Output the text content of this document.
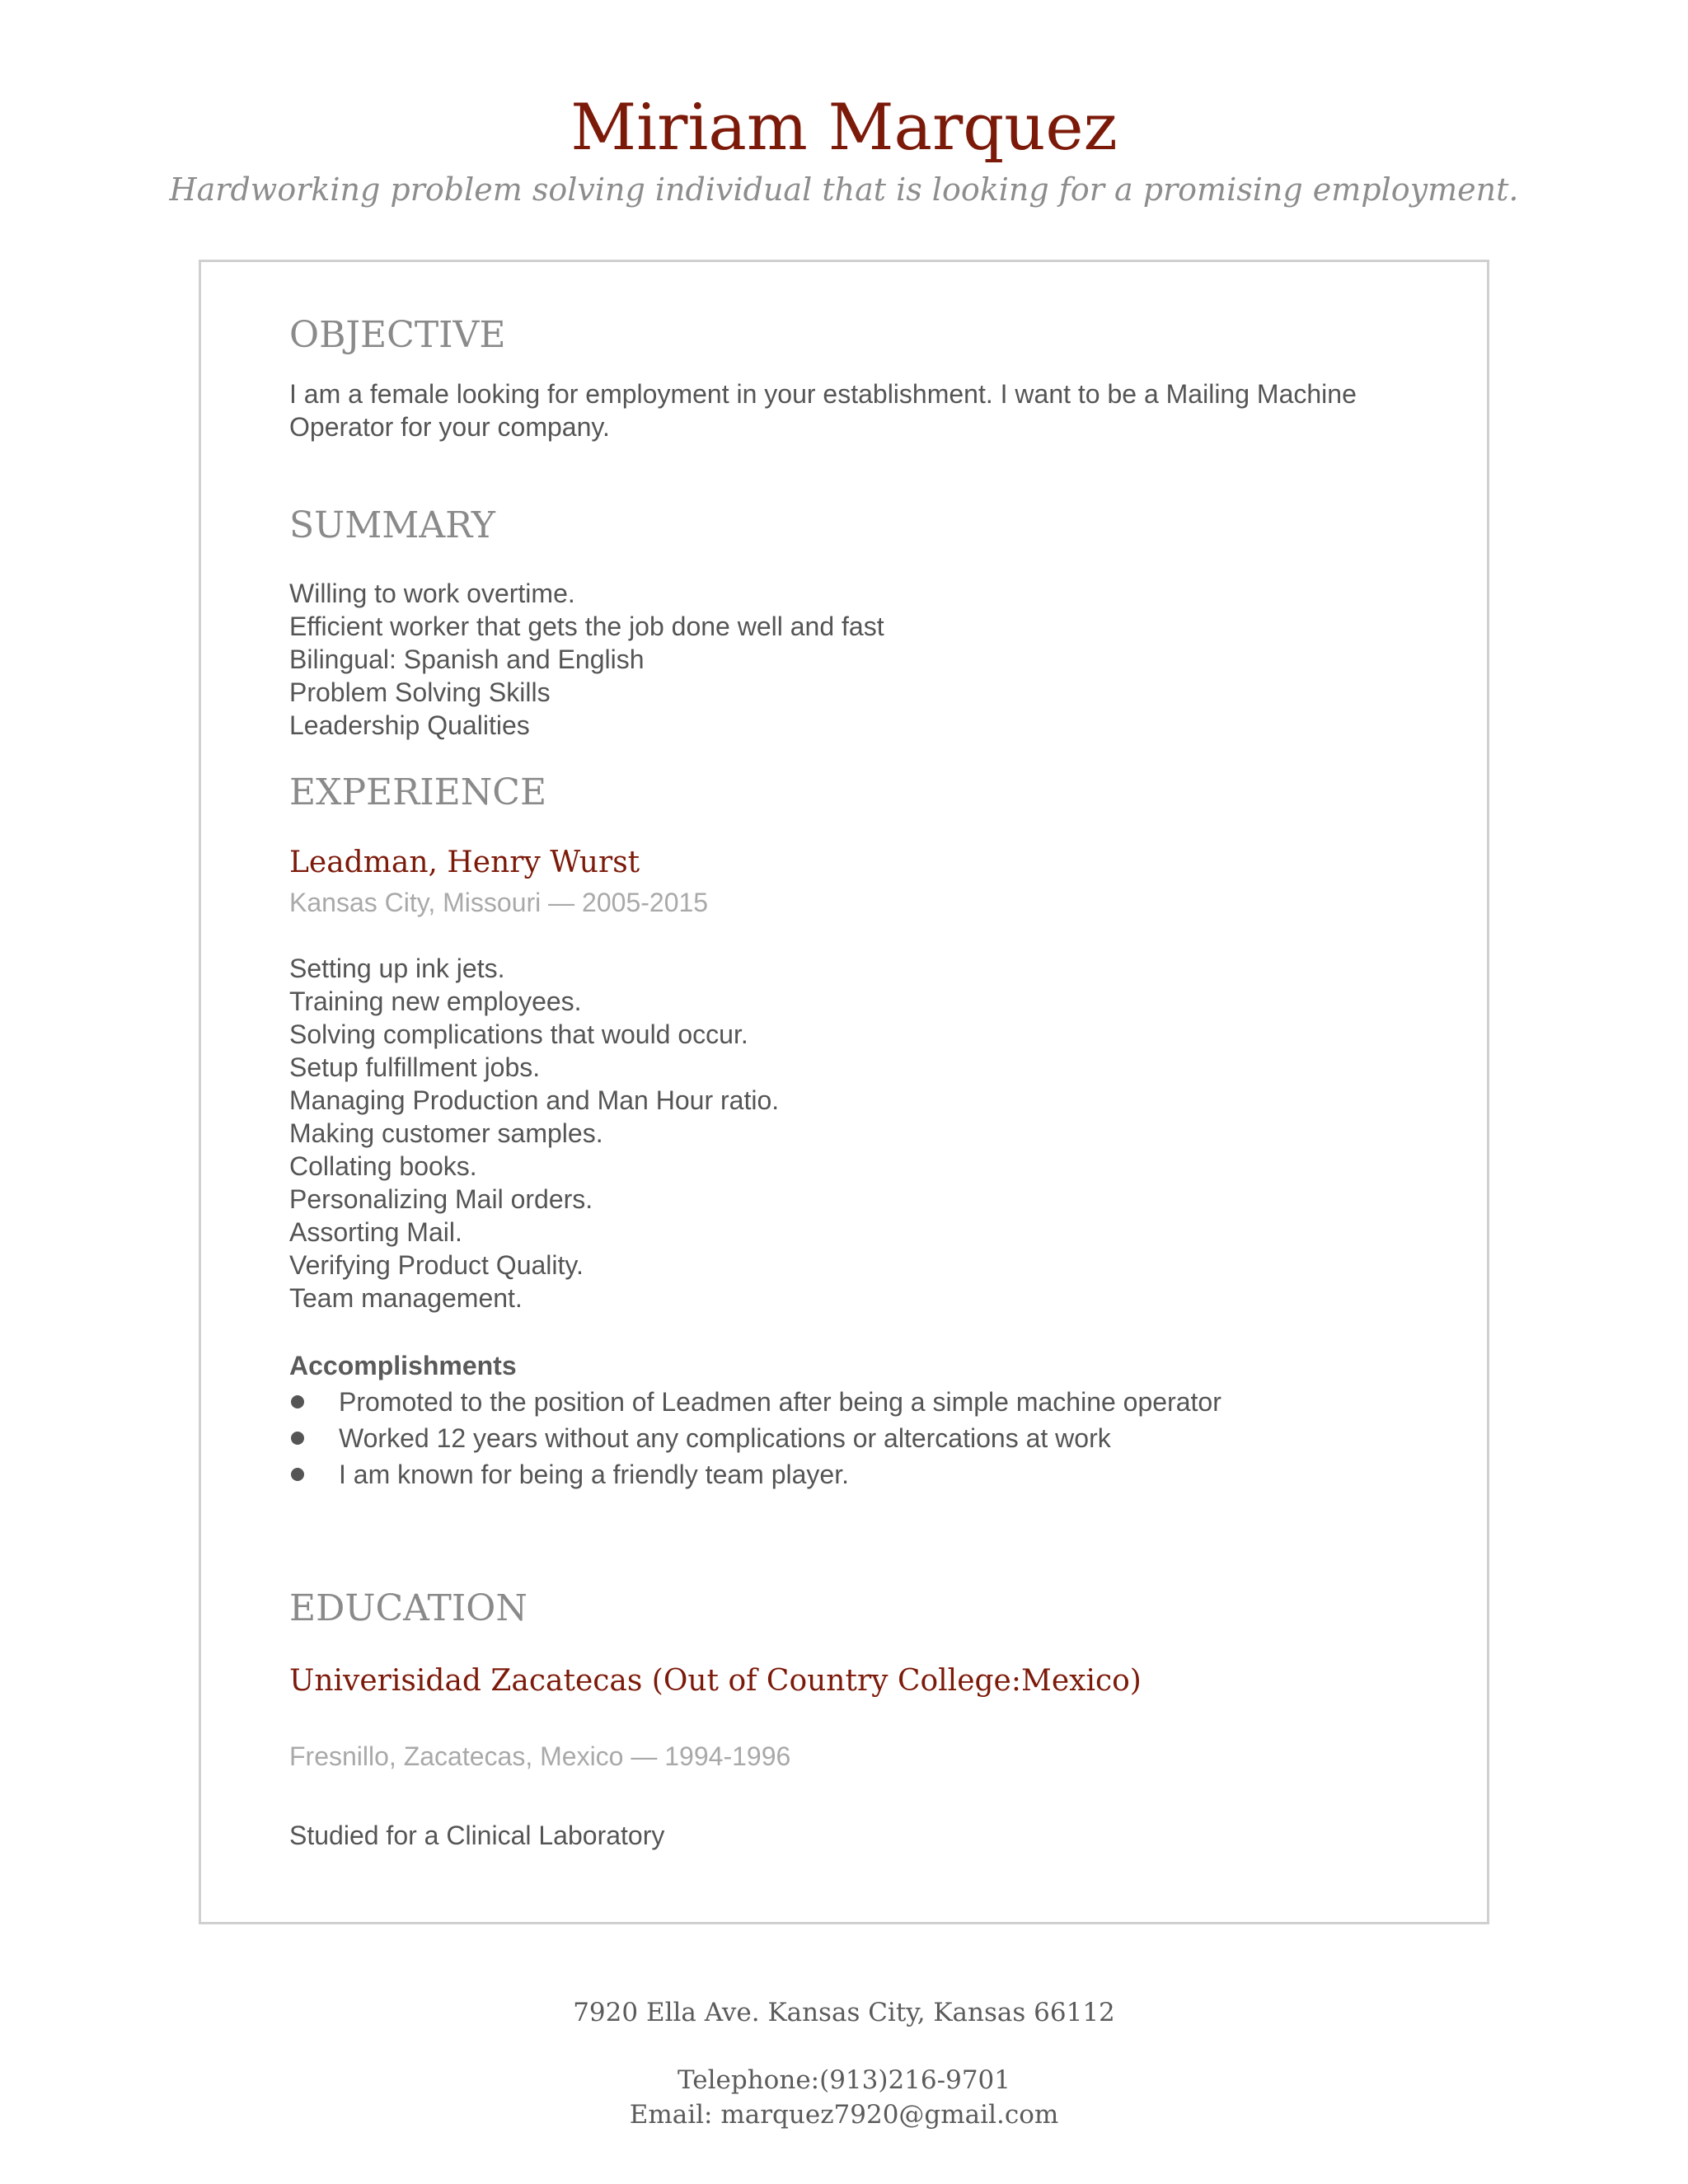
Miriam Marquez
Hardworking problem solving individual that is looking for a promising employment.
OBJECTIVE
I am a female looking for employment in your establishment. I want to be a Mailing Machine
Operator for your company.
SUMMARY
Willing to work overtime.
Efficient worker that gets the job done well and fast
Bilingual: Spanish and English
Problem Solving Skills
Leadership Qualities
EXPERIENCE
Leadman, Henry Wurst
Kansas City, Missouri — 2005-2015
Setting up ink jets.
Training new employees.
Solving complications that would occur.
Setup fulfillment jobs.
Managing Production and Man Hour ratio.
Making customer samples.
Collating books.
Personalizing Mail orders.
Assorting Mail.
Verifying Product Quality.
Team management.
Accomplishments
Promoted to the position of Leadmen after being a simple machine operator
Worked 12 years without any complications or altercations at work
I am known for being a friendly team player.
EDUCATION
Univerisidad Zacatecas (Out of Country College:Mexico)
Fresnillo, Zacatecas, Mexico — 1994-1996
Studied for a Clinical Laboratory
7920 Ella Ave. Kansas City, Kansas 66112
Telephone:(913)216-9701
Email: marquez7920@gmail.com
